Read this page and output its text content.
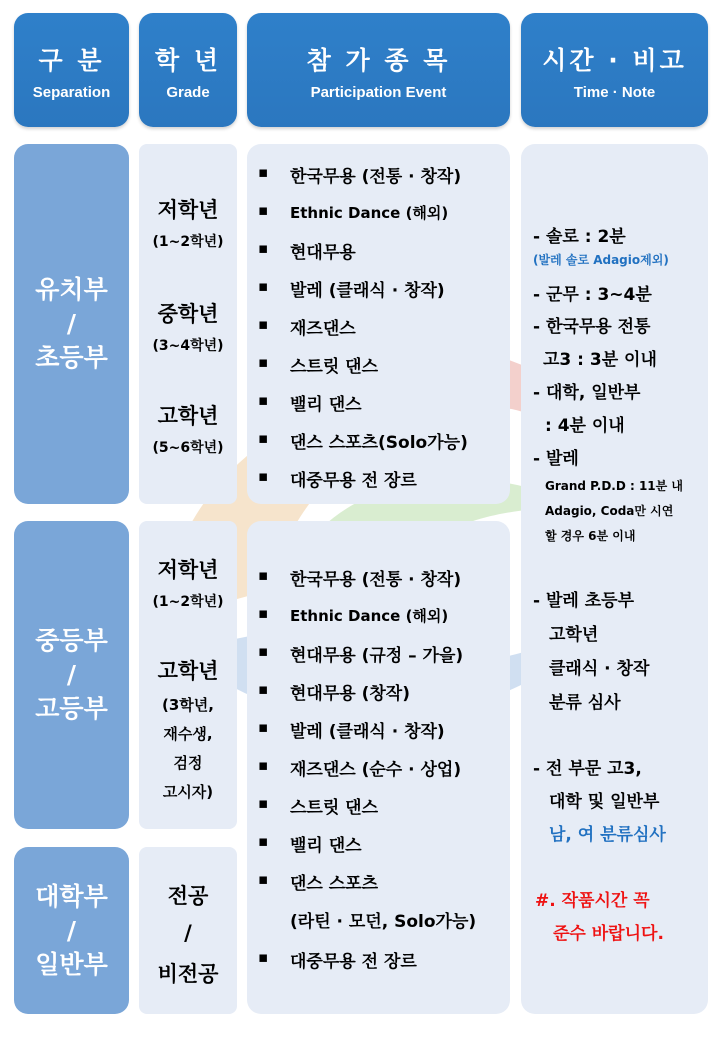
구 분
Separation
학 년
Grade
참 가 종 목
Participation Event
시간 · 비고
Time · Note
유치부
/
초등부
중등부
/
고등부
대학부
/
일반부
저학년
(1~2학년)
중학년
(3~4학년)
고학년
(5~6학년)
저학년
(1~2학년)
고학년
(3학년,
재수생,
검정
고시자)
전공
/
비전공
▪ 한국무용 (전통 · 창작)
▪ Ethnic Dance (해외)
▪ 현대무용
▪ 발레 (클래식 · 창작)
▪ 재즈댄스
▪ 스트릿 댄스
▪ 밸리 댄스
▪ 댄스 스포츠(Solo가능)
▪ 대중무용 전 장르
▪ 한국무용 (전통 · 창작)
▪ Ethnic Dance (해외)
▪ 현대무용 (규정 – 가을)
▪ 현대무용 (창작)
▪ 발레 (클래식 · 창작)
▪ 재즈댄스 (순수 · 상업)
▪ 스트릿 댄스
▪ 밸리 댄스
▪ 댄스 스포츠
(라틴 · 모던, Solo가능)
▪ 대중무용 전 장르
- 솔로 : 2분
(발레 솔로 Adagio제외)
- 군무 : 3~4분
- 한국무용 전통
고3 : 3분 이내
- 대학, 일반부
: 4분 이내
- 발레
Grand P.D.D : 11분 내
Adagio, Coda만 시연
할 경우 6분 이내
- 발레 초등부
고학년
클래식 · 창작
분류 심사
- 전 부문 고3,
대학 및 일반부
남, 여 분류심사
#. 작품시간 꼭
준수 바랍니다.
